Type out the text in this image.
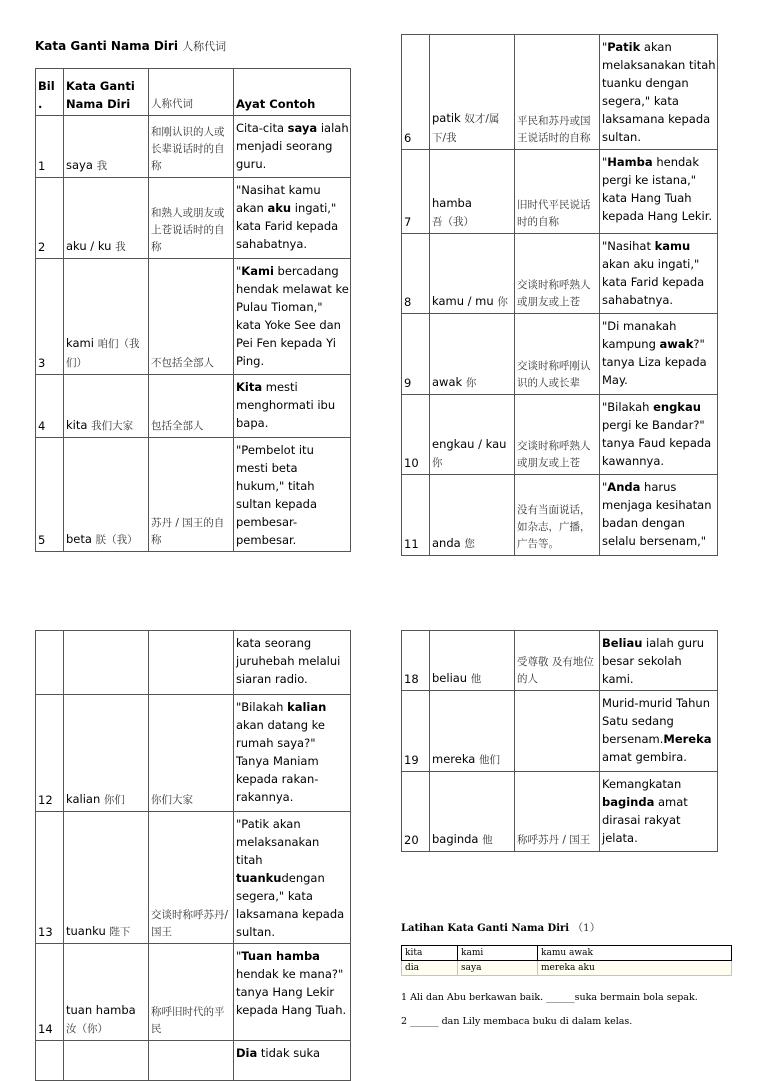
Kata Ganti Nama Diri 人称代词
Bil .	Kata Ganti Nama Diri	人称代词	Ayat Contoh
1	saya 我	和刚认识的人或长辈说话时的自称	Cita-cita saya ialah menjadi seorang guru.
2	aku / ku 我	和熟人或朋友或上苍说话时的自称	"Nasihat kamu akan aku ingati," kata Farid kepada sahabatnya.
3	kami 咱们（我们）	不包括全部人	"Kami bercadang hendak melawat ke Pulau Tioman," kata Yoke See dan Pei Fen kepada Yi Ping.
4	kita 我们大家	包括全部人	Kita mesti menghormati ibu bapa.
5	beta 朕（我）	苏丹 / 国王的自称	"Pembelot itu mesti beta hukum," titah sultan kepada pembesar-pembesar.
6	patik 奴才/属下/我	平民和苏丹或国王说话时的自称	"Patik akan melaksanakan titah tuanku dengan segera," kata laksamana kepada sultan.
7	hamba 吾（我）	旧时代平民说话时的自称	"Hamba hendak pergi ke istana," kata Hang Tuah kepada Hang Lekir.
8	kamu / mu 你	交谈时称呼熟人或朋友或上苍	"Nasihat kamu akan aku ingati," kata Farid kepada sahabatnya.
9	awak 你	交谈时称呼刚认识的人或长辈	"Di manakah kampung awak?" tanya Liza kepada May.
10	engkau / kau 你	交谈时称呼熟人或朋友或上苍	"Bilakah engkau pergi ke Bandar?" tanya Faud kepada kawannya.
11	anda 您	没有当面说话，如杂志，广播，广告等。	"Anda harus menjaga kesihatan badan dengan selalu bersenam,"
			kata seorang juruhebah melalui siaran radio.
12	kalian 你们	你们大家	"Bilakah kalian akan datang ke rumah saya?" Tanya Maniam kepada rakan-rakannya.
13	tuanku 陛下	交谈时称呼苏丹/国王	"Patik akan melaksanakan titah tuankudengan segera," kata laksamana kepada sultan.
14	tuan hamba 汝（你）	称呼旧时代的平民	"Tuan hamba hendak ke mana?" tanya Hang Lekir kepada Hang Tuah.
			Dia tidak suka
18	beliau 他	受尊敬 及有地位的人	Beliau ialah guru besar sekolah kami.
19	mereka 他们		Murid-murid Tahun Satu sedang bersenam.Mereka amat gembira.
20	baginda 他	称呼苏丹 / 国王	Kemangkatan baginda amat dirasai rakyat jelata.
Latihan Kata Ganti Nama Diri （1）
kita	kami	kamu awak
dia	saya	mereka aku
1 Ali dan Abu berkawan baik. ______suka bermain bola sepak.
2 ______ dan Lily membaca buku di dalam kelas.
